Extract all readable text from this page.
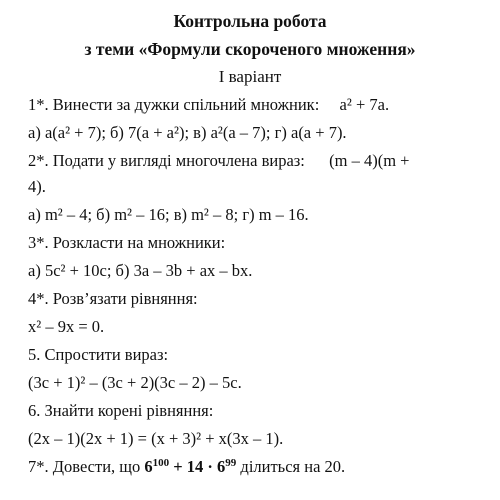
Контрольна робота
з теми «Формули скороченого множення»
І варіант
1*. Винести за дужки спільний множник: a² + 7a.
а) a(a² + 7); б) 7(a + a²); в) a²(a – 7); г) a(a + 7).
2*. Подати у вигляді многочлена вираз: (m – 4)(m +
4).
а) m² – 4; б) m² – 16; в) m² – 8; г) m – 16.
3*. Розкласти на множники:
а) 5c² + 10c; б) 3a – 3b + ax – bx.
4*. Розв’язати рівняння:
x² – 9x = 0.
5. Спростити вираз:
(3c + 1)² – (3c + 2)(3c – 2) – 5c.
6. Знайти корені рівняння:
(2x – 1)(2x + 1) = (x + 3)² + x(3x – 1).
7*. Довести, що $6^{100} + 14 \cdot 6^{99}$ ділиться на 20.
